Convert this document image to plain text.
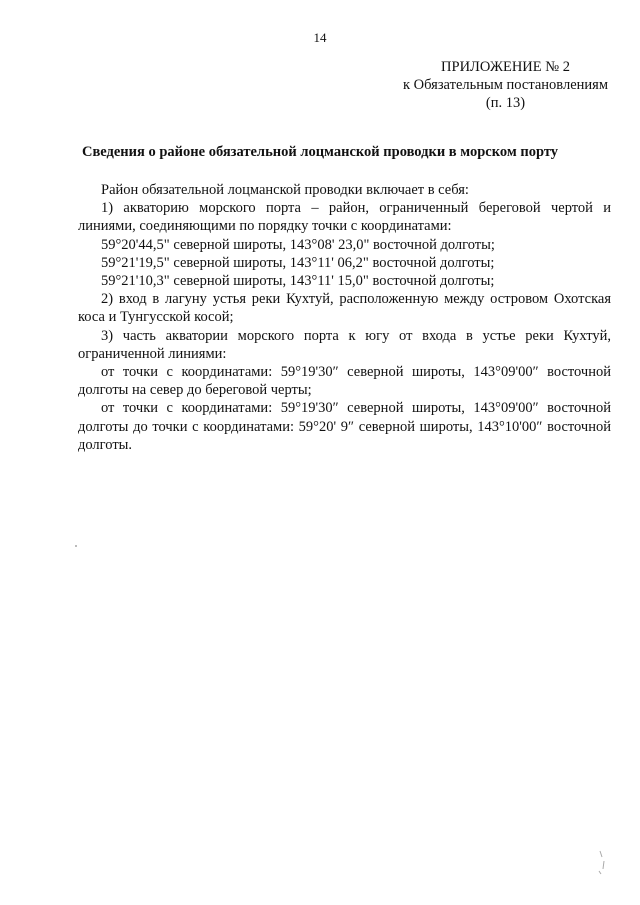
14
ПРИЛОЖЕНИЕ № 2
к Обязательным постановлениям
(п. 13)
Сведения о районе обязательной лоцманской проводки в морском порту

Район обязательной лоцманской проводки включает в себя:

1) акваторию морского порта – район, ограниченный береговой чертой и линиями, соединяющими по порядку точки с координатами:

59°20'44,5" северной широты, 143°08' 23,0" восточной долготы;

59°21'19,5" северной широты, 143°11' 06,2" восточной долготы;

59°21'10,3" северной широты, 143°11' 15,0" восточной долготы;

2) вход в лагуну устья реки Кухтуй, расположенную между островом Охотская коса и Тунгусской косой;

3) часть акватории морского порта к югу от входа в устье реки Кухтуй, ограниченной линиями:

от точки с координатами: 59°19'30″ северной широты, 143°09'00″ восточной долготы на север до береговой черты;

от точки с координатами: 59°19'30″ северной широты, 143°09'00″ восточной долготы до точки с координатами: 59°20' 9″ северной широты, 143°10'00″ восточной долготы.
